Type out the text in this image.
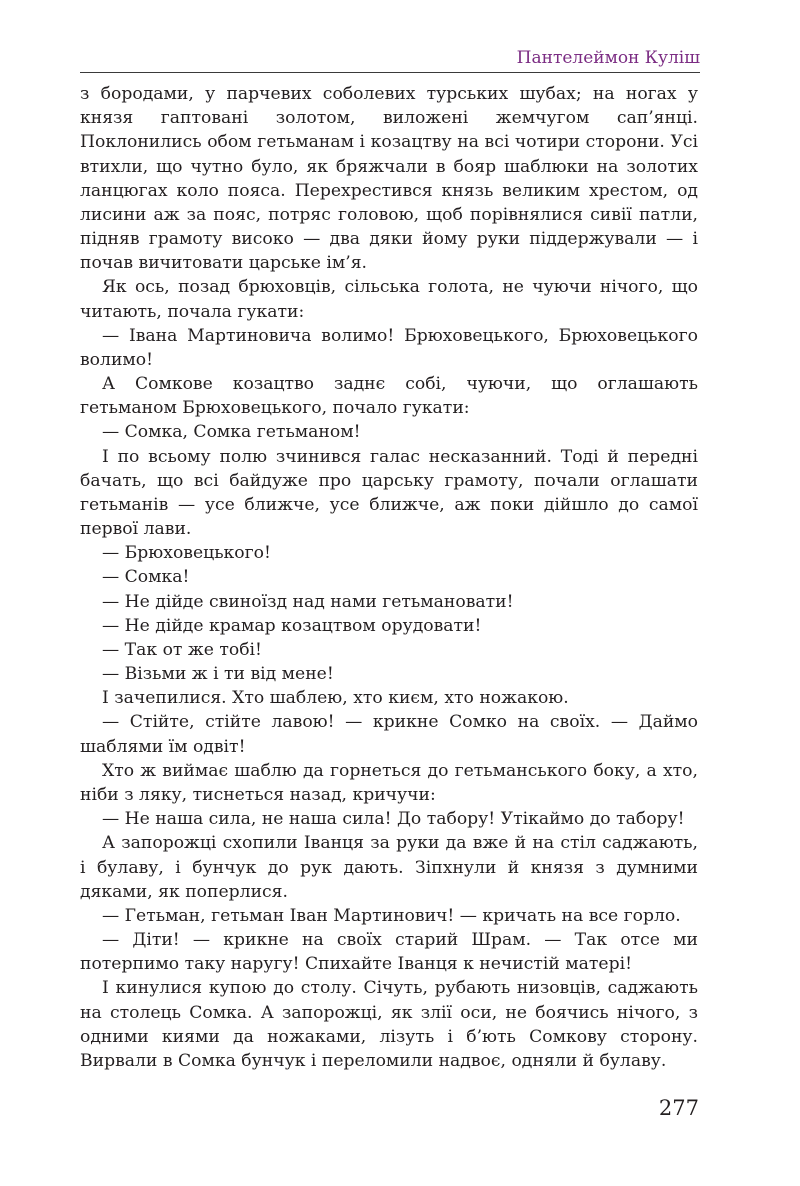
Пантелеймон Куліш

з бородами, у парчевих соболевих турських шубах; на ногах у князя гаптовані золотом, виложені жемчугом сап’янці. Поклонились обом гетьманам і козацтву на всі чотири сторони. Усі втихли, що чутно було, як бряжчали в бояр шаблюки на золотих ланцюгах коло пояса. Перехрестився князь великим хрестом, од лисини аж за пояс, потряс головою, щоб порівнялися сивії патли, підняв грамоту високо — два дяки йому руки піддержували — і почав вичитовати царське ім’я.

Як ось, позад брюховців, сільська голота, не чуючи нічого, що читають, почала гукати:

— Івана Мартиновича волимо! Брюховецького, Брюховецького волимо!

А Сомкове козацтво заднє собі, чуючи, що оглашають гетьманом Брюховецького, почало гукати:

— Сомка, Сомка гетьманом!

І по всьому полю зчинився галас несказанний. Тоді й передні бачать, що всі байдуже про царську грамоту, почали оглашати гетьманів — усе ближче, усе ближче, аж поки дійшло до самої первої лави.

— Брюховецького!

— Сомка!

— Не дійде свиноїзд над нами гетьмановати!

— Не дійде крамар козацтвом орудовати!

— Так от же тобі!

— Візьми ж і ти від мене!

І зачепилися. Хто шаблею, хто києм, хто ножакою.

— Стійте, стійте лавою! — крикне Сомко на своїх. — Даймо шаблями їм одвіт!

Хто ж виймає шаблю да горнеться до гетьманського боку, а хто, ніби з ляку, тиснеться назад, кричучи:

— Не наша сила, не наша сила! До табору! Утікаймо до табору!

А запорожці схопили Іванця за руки да вже й на стіл саджають, і булаву, і бунчук до рук дають. Зіпхнули й князя з думними дяками, як поперлися.

— Гетьман, гетьман Іван Мартинович! — кричать на все горло.

— Діти! — крикне на своїх старий Шрам. — Так отсе ми потерпимо таку наругу! Спихайте Іванця к нечистій матері!

І кинулися купою до столу. Січуть, рубають низовців, саджають на столець Сомка. А запорожці, як злії оси, не боячись нічого, з одними киями да ножаками, лізуть і б’ють Сомкову сторону. Вирвали в Сомка бунчук і переломили надвоє, одняли й булаву.

277
